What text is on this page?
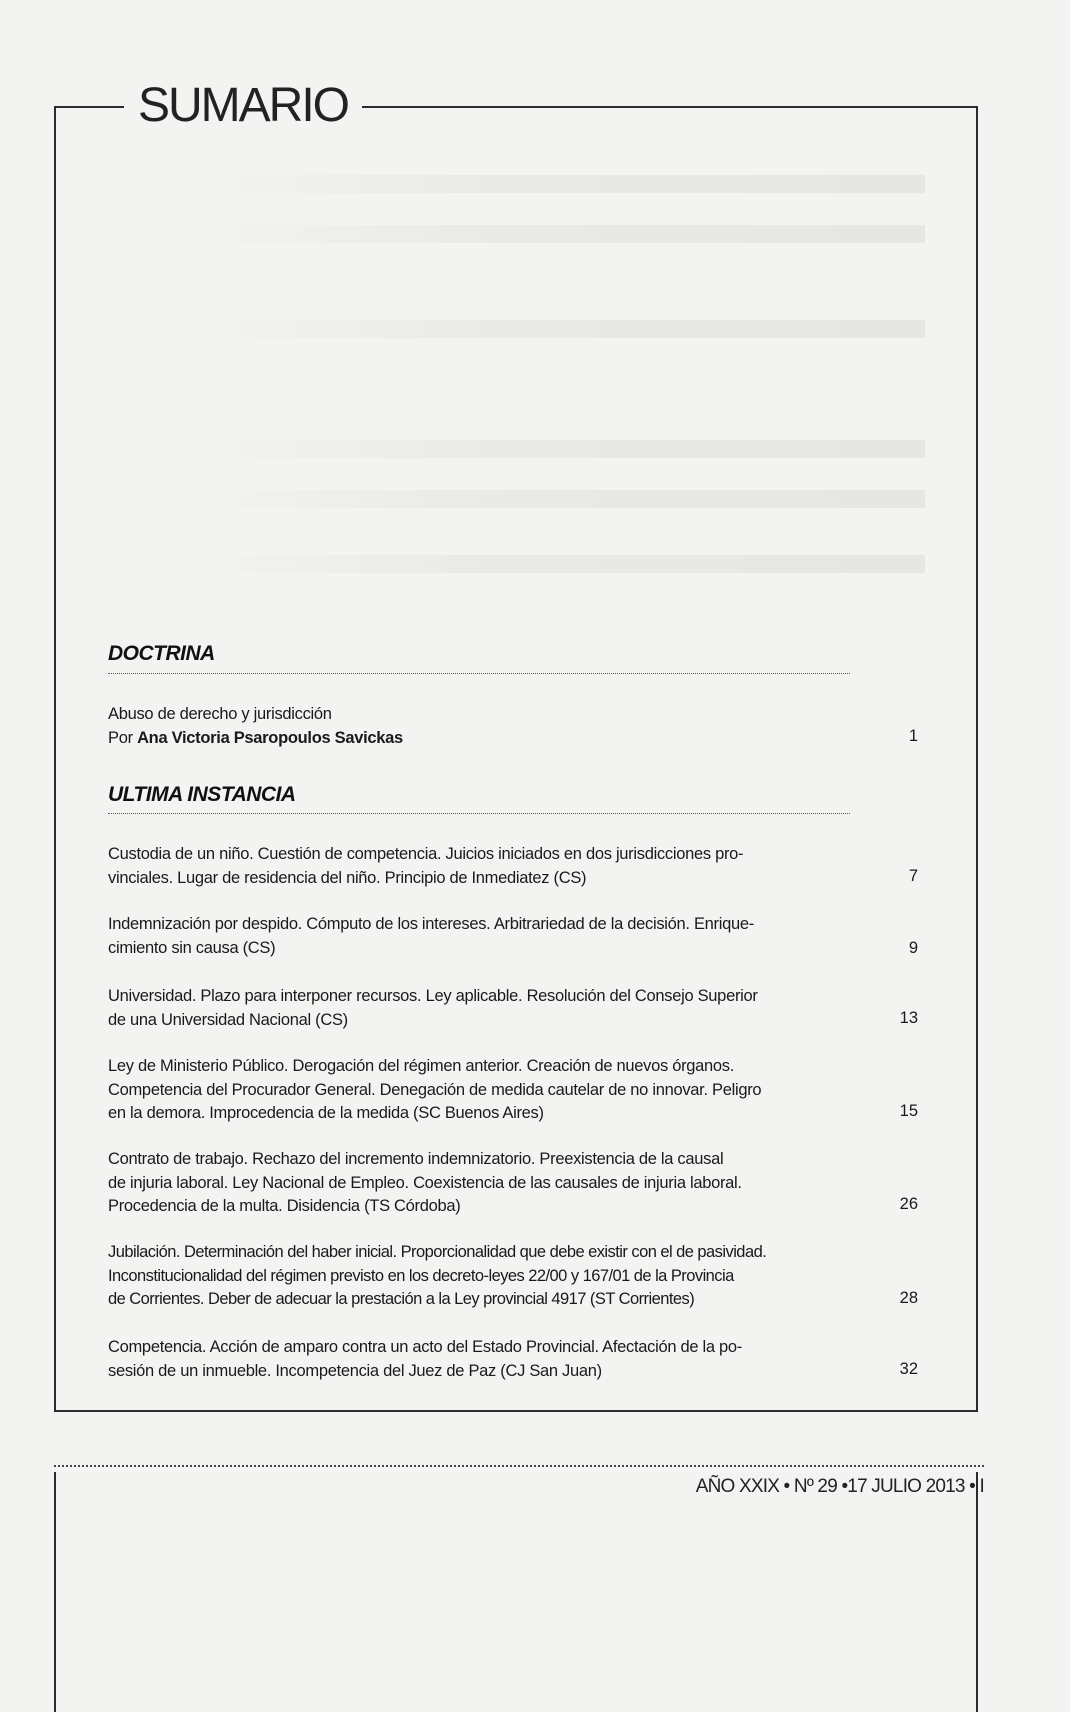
SUMARIO
DOCTRINA
Abuso de derecho y jurisdicción
Por Ana Victoria Psaropoulos Savickas	1
ULTIMA INSTANCIA
Custodia de un niño. Cuestión de competencia. Juicios iniciados en dos jurisdicciones pro-
vinciales. Lugar de residencia del niño. Principio de Inmediatez (CS)	7
Indemnización por despido. Cómputo de los intereses. Arbitrariedad de la decisión. Enrique-
cimiento sin causa (CS)	9
Universidad. Plazo para interponer recursos. Ley aplicable. Resolución del Consejo Superior
de una Universidad Nacional (CS)	13
Ley de Ministerio Público. Derogación del régimen anterior. Creación de nuevos órganos.
Competencia del Procurador General. Denegación de medida cautelar de no innovar. Peligro
en la demora. Improcedencia de la medida (SC Buenos Aires)	15
Contrato de trabajo. Rechazo del incremento indemnizatorio. Preexistencia de la causal
de injuria laboral. Ley Nacional de Empleo. Coexistencia de las causales de injuria laboral.
Procedencia de la multa. Disidencia (TS Córdoba)	26
Jubilación. Determinación del haber inicial. Proporcionalidad que debe existir con el de pasividad.
Inconstitucionalidad del régimen previsto en los decreto-leyes 22/00 y 167/01 de la Provincia
de Corrientes. Deber de adecuar la prestación a la Ley provincial 4917 (ST Corrientes)	28
Competencia. Acción de amparo contra un acto del Estado Provincial. Afectación de la po-
sesión de un inmueble. Incompetencia del Juez de Paz (CJ San Juan)	32
AÑO XXIX • Nº 29 •17 JULIO 2013 • I
